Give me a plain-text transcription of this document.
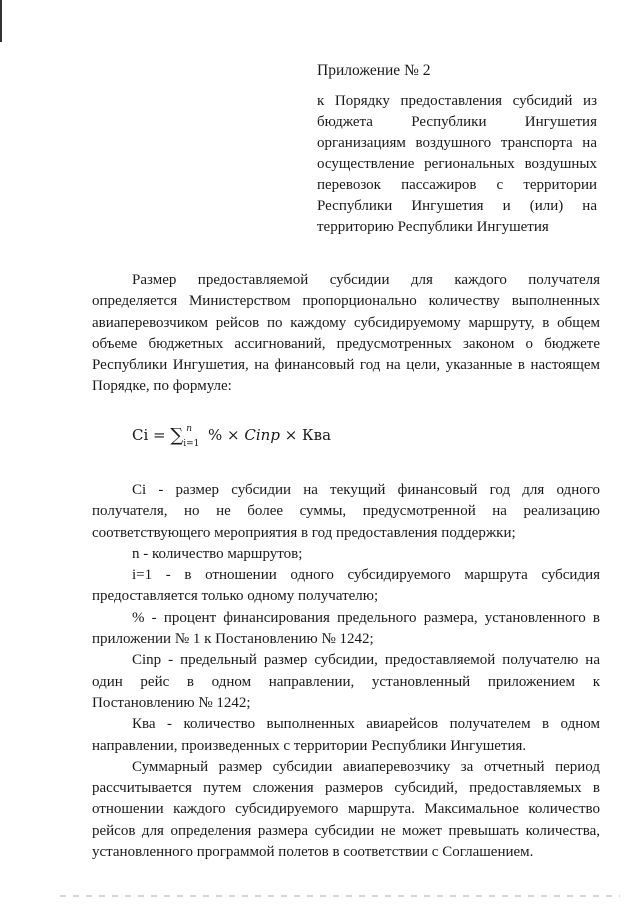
Приложение № 2
к Порядку предоставления субсидий из бюджета Республики Ингушетия организациям воздушного транспорта на осуществление региональных воздушных перевозок пассажиров с территории Республики Ингушетия и (или) на территорию Республики Ингушетия

Размер предоставляемой субсидии для каждого получателя определяется Министерством пропорционально количеству выполненных авиаперевозчиком рейсов по каждому субсидируемому маршруту, в общем объеме бюджетных ассигнований, предусмотренных законом о бюджете Республики Ингушетия, на финансовый год на цели, указанные в настоящем Порядке, по формуле:

Ci = ∑ n
i=1 % × Cinp × Ква

Ci - размер субсидии на текущий финансовый год для одного получателя, но не более суммы, предусмотренной на реализацию соответствующего мероприятия в год предоставления поддержки;

n - количество маршрутов;

i=1 - в отношении одного субсидируемого маршрута субсидия предоставляется только одному получателю;

% - процент финансирования предельного размера, установленного в приложении № 1 к Постановлению № 1242;

Cinp - предельный размер субсидии, предоставляемой получателю на один рейс в одном направлении, установленный приложением к Постановлению № 1242;

Ква - количество выполненных авиарейсов получателем в одном направлении, произведенных с территории Республики Ингушетия.

Суммарный размер субсидии авиаперевозчику за отчетный период рассчитывается путем сложения размеров субсидий, предоставляемых в отношении каждого субсидируемого маршрута. Максимальное количество рейсов для определения размера субсидии не может превышать количества, установленного программой полетов в соответствии с Соглашением.
